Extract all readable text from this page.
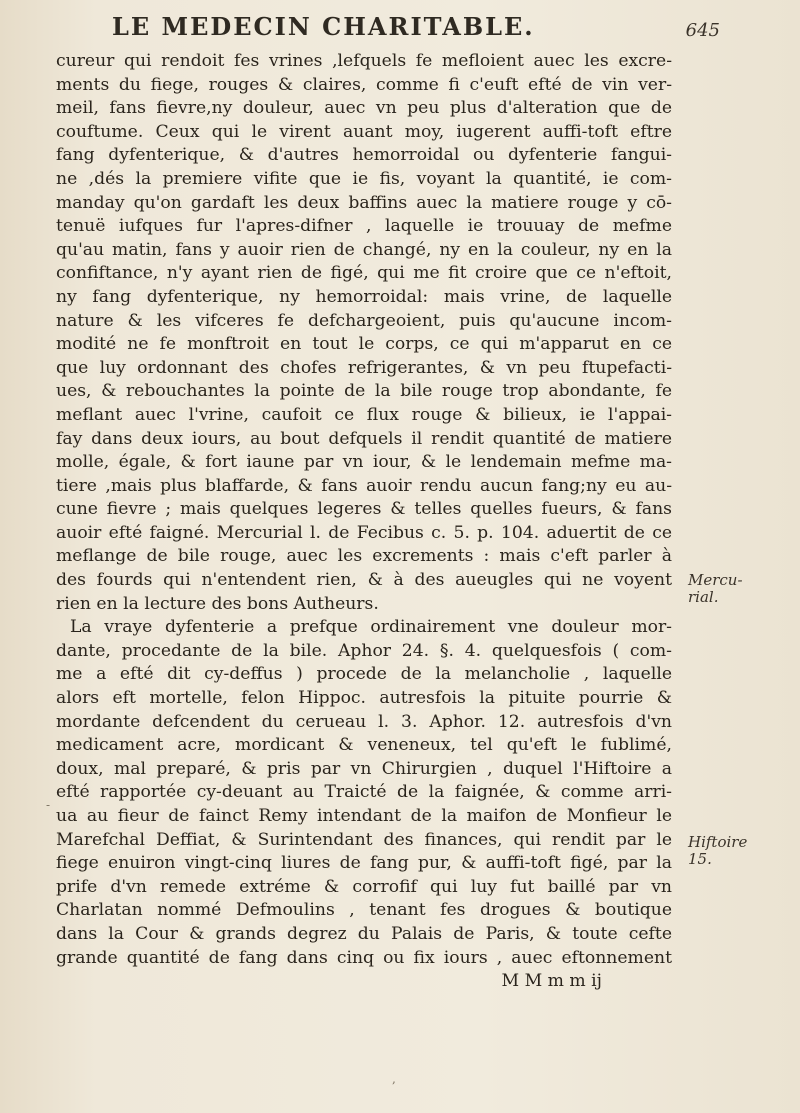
LE MEDECIN CHARITABLE.	645
cureur qui rendoit fes vrines ,lefquels fe mefloient auec les excre-
ments du fiege, rouges & claires, comme fi c'euft efté de vin ver-
meil, fans fievre,ny douleur, auec vn peu plus d'alteration que de
couftume. Ceux qui le virent auant moy, iugerent auffi-toft eftre
fang dyfenterique, & d'autres hemorroidal ou dyfenterie fangui-
ne ,dés la premiere vifite que ie fis, voyant la quantité, ie com-
manday qu'on gardaft les deux baffins auec la matiere rouge y cō-
tenuë iufques fur l'apres-difner , laquelle ie trouuay de mefme
qu'au matin, fans y auoir rien de changé, ny en la couleur, ny en la
confiftance, n'y ayant rien de figé, qui me fit croire que ce n'eftoit,
ny fang dyfenterique, ny hemorroidal: mais vrine, de laquelle
nature & les vifceres fe defchargeoient, puis qu'aucune incom-
modité ne fe monftroit en tout le corps, ce qui m'apparut en ce
que luy ordonnant des chofes refrigerantes, & vn peu ftupefacti-
ues, & rebouchantes la pointe de la bile rouge trop abondante, fe
meflant auec l'vrine, caufoit ce flux rouge & bilieux, ie l'appai-
fay dans deux iours, au bout defquels il rendit quantité de matiere
molle, égale, & fort iaune par vn iour, & le lendemain mefme ma-
tiere ,mais plus blaffarde, & fans auoir rendu aucun fang;ny eu au-
cune fievre ; mais quelques legeres & telles quelles fueurs, & fans
auoir efté faigné. Mercurial l. de Fecibus c. 5. p. 104. aduertit de ce
meflange de bile rouge, auec les excrements : mais c'eft parler à
des fourds qui n'entendent rien, & à des aueugles qui ne voyent
rien en la lecture des bons Autheurs.
La vraye dyfenterie a prefque ordinairement vne douleur mor-
dante, procedante de la bile. Aphor 24. §. 4. quelquesfois ( com-
me a efté dit cy-deffus ) procede de la melancholie , laquelle
alors eft mortelle, felon Hippoc. autresfois la pituite pourrie &
mordante defcendent du cerueau l. 3. Aphor. 12. autresfois d'vn
medicament acre, mordicant & veneneux, tel qu'eft le fublimé,
doux, mal preparé, & pris par vn Chirurgien , duquel l'Hiftoire a
efté rapportée cy-deuant au Traicté de la faignée, & comme arri-
ua au fieur de fainct Remy intendant de la maifon de Monfieur le
Marefchal Deffiat, & Surintendant des finances, qui rendit par le
fiege enuiron vingt-cinq liures de fang pur, & auffi-toft figé, par la
prife d'vn remede extréme & corrofif qui luy fut baillé par vn
Charlatan nommé Defmoulins , tenant fes drogues & boutique
dans la Cour & grands degrez du Palais de Paris, & toute cefte
grande quantité de fang dans cinq ou fix iours , auec eftonnement
M M m m ij
Mercu-
rial.
Hiftoire
15.
-
,
